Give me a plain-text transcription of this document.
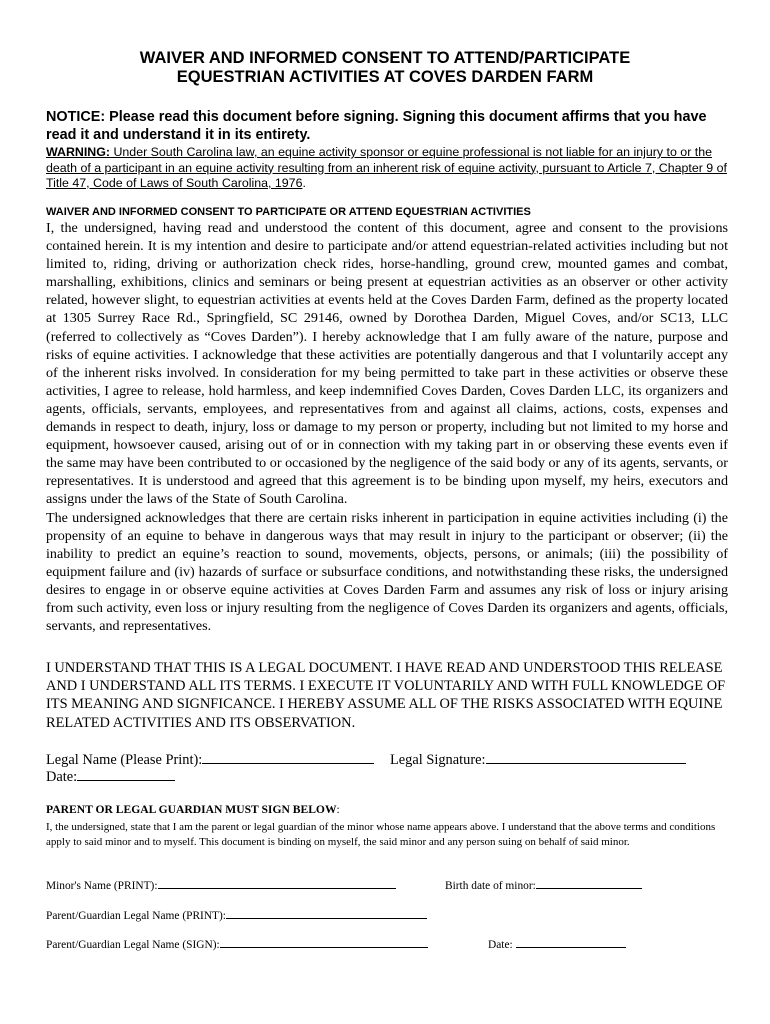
WAIVER AND INFORMED CONSENT TO ATTEND/PARTICIPATE
EQUESTRIAN ACTIVITIES AT COVES DARDEN FARM
NOTICE: Please read this document before signing. Signing this document affirms that you have read it and understand it in its entirety.
WARNING: Under South Carolina law, an equine activity sponsor or equine professional is not liable for an injury to or the death of a participant in an equine activity resulting from an inherent risk of equine activity, pursuant to Article 7, Chapter 9 of Title 47, Code of Laws of South Carolina, 1976.
WAIVER AND INFORMED CONSENT TO PARTICIPATE OR ATTEND EQUESTRIAN ACTIVITIES

I, the undersigned, having read and understood the content of this document, agree and consent to the provisions contained herein. It is my intention and desire to participate and/or attend equestrian-related activities including but not limited to, riding, driving or authorization check rides, horse-handling, ground crew, mounted games and combat, marshalling, exhibitions, clinics and seminars or being present at equestrian activities as an observer or other activity related, however slight, to equestrian activities at events held at the Coves Darden Farm, defined as the property located at 1305 Surrey Race Rd., Springfield, SC 29146, owned by Dorothea Darden, Miguel Coves, and/or SC13, LLC (referred to collectively as “Coves Darden”). I hereby acknowledge that I am fully aware of the nature, purpose and risks of equine activities. I acknowledge that these activities are potentially dangerous and that I voluntarily accept any of the inherent risks involved. In consideration for my being permitted to take part in these activities or observe these activities, I agree to release, hold harmless, and keep indemnified Coves Darden, Coves Darden LLC, its organizers and agents, officials, servants, employees, and representatives from and against all claims, actions, costs, expenses and demands in respect to death, injury, loss or damage to my person or property, including but not limited to my horse and equipment, howsoever caused, arising out of or in connection with my taking part in or observing these events even if the same may have been contributed to or occasioned by the negligence of the said body or any of its agents, servants, or representatives. It is understood and agreed that this agreement is to be binding upon myself, my heirs, executors and assigns under the laws of the State of South Carolina.

The undersigned acknowledges that there are certain risks inherent in participation in equine activities including (i) the propensity of an equine to behave in dangerous ways that may result in injury to the participant or observer; (ii) the inability to predict an equine’s reaction to sound, movements, objects, persons, or animals; (iii) the possibility of equipment failure and (iv) hazards of surface or subsurface conditions, and notwithstanding these risks, the undersigned desires to engage in or observe equine activities at Coves Darden Farm and assumes any risk of loss or injury arising from such activity, even loss or injury resulting from the negligence of Coves Darden its organizers and agents, officials, servants, and representatives.

I UNDERSTAND THAT THIS IS A LEGAL DOCUMENT. I HAVE READ AND UNDERSTOOD THIS RELEASE AND I UNDERSTAND ALL ITS TERMS. I EXECUTE IT VOLUNTARILY AND WITH FULL KNOWLEDGE OF ITS MEANING AND SIGNFICANCE. I HEREBY ASSUME ALL OF THE RISKS ASSOCIATED WITH EQUINE RELATED ACTIVITIES AND ITS OBSERVATION.
Legal Name (Please Print):	Legal Signature:
Date:
PARENT OR LEGAL GUARDIAN MUST SIGN BELOW:
I, the undersigned, state that I am the parent or legal guardian of the minor whose name appears above. I understand that the above terms and conditions apply to said minor and to myself. This document is binding on myself, the said minor and any person suing on behalf of said minor.
Minor's Name (PRINT):	Birth date of minor:
Parent/Guardian Legal Name (PRINT):
Parent/Guardian Legal Name (SIGN):	Date:
